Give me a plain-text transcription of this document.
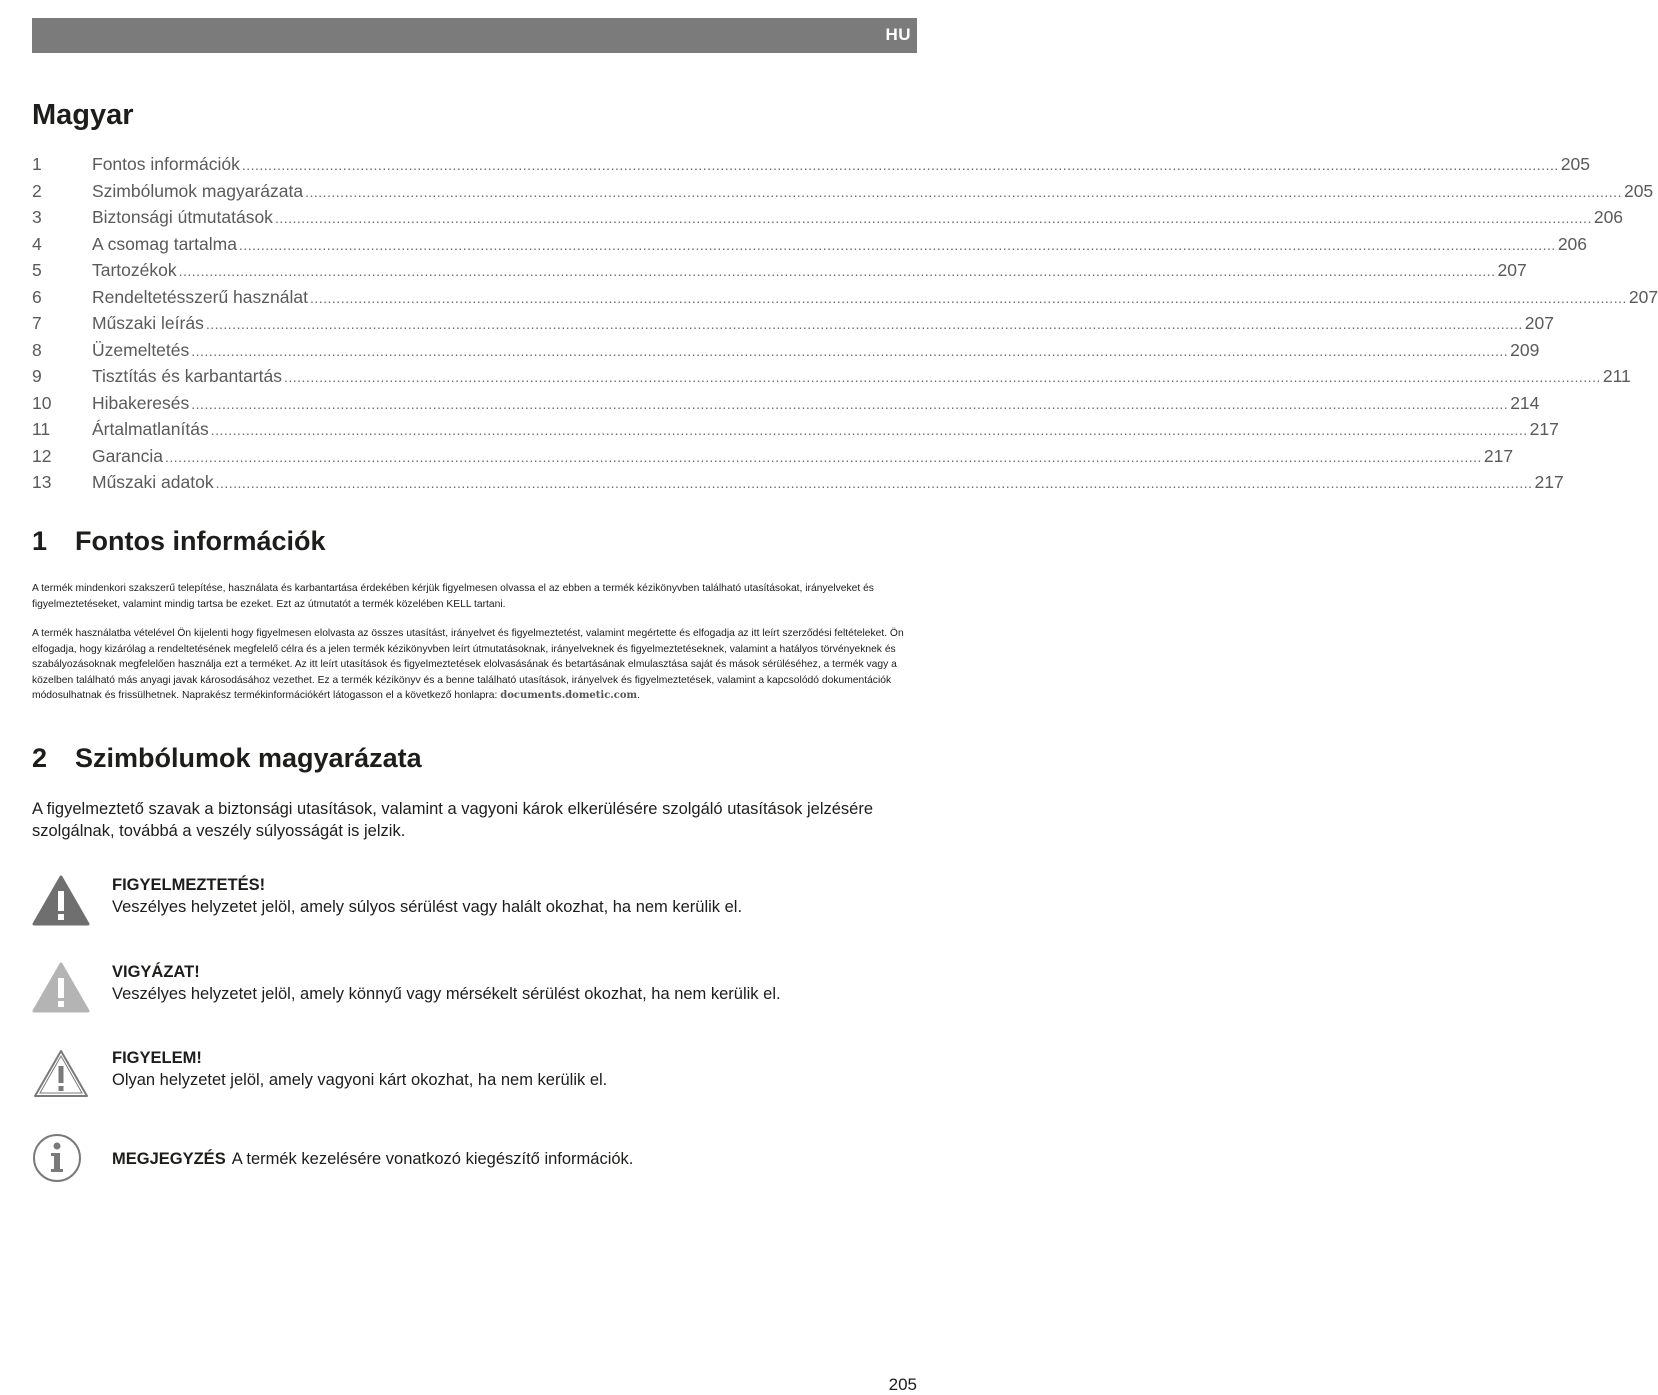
HU
Magyar
1	Fontos információk ............................................................................................................................................................................................................................................................................................................ 205
2	Szimbólumok magyarázata ............................................................................................................................................................................................................................................................................................................ 205
3	Biztonsági útmutatások ............................................................................................................................................................................................................................................................................................................ 206
4	A csomag tartalma ............................................................................................................................................................................................................................................................................................................ 206
5	Tartozékok ............................................................................................................................................................................................................................................................................................................ 207
6	Rendeltetésszerű használat ............................................................................................................................................................................................................................................................................................................ 207
7	Műszaki leírás ............................................................................................................................................................................................................................................................................................................ 207
8	Üzemeltetés ............................................................................................................................................................................................................................................................................................................ 209
9	Tisztítás és karbantartás ............................................................................................................................................................................................................................................................................................................ 211
10	Hibakeresés ............................................................................................................................................................................................................................................................................................................ 214
11	Ártalmatlanítás ............................................................................................................................................................................................................................................................................................................ 217
12	Garancia ............................................................................................................................................................................................................................................................................................................ 217
13	Műszaki adatok ............................................................................................................................................................................................................................................................................................................ 217
1	Fontos információk

A termék mindenkori szakszerű telepítése, használata és karbantartása érdekében kérjük figyelmesen olvassa el az ebben a termék kézikönyvben található utasításokat, irányelveket és figyelmeztetéseket, valamint mindig tartsa be ezeket. Ezt az útmutatót a termék közelében KELL tartani.

A termék használatba vételével Ön kijelenti hogy figyelmesen elolvasta az összes utasítást, irányelvet és figyelmeztetést, valamint megértette és elfogadja az itt leírt szerződési feltételeket. Ön elfogadja, hogy kizárólag a rendeltetésének megfelelő célra és a jelen termék kézikönyvben leírt útmutatásoknak, irányelveknek és figyelmeztetéseknek, valamint a hatályos törvényeknek és szabályozásoknak megfelelően használja ezt a terméket. Az itt leírt utasítások és figyelmeztetések elolvasásának és betartásának elmulasztása saját és mások sérüléséhez, a termék vagy a közelben található más anyagi javak károsodásához vezethet. Ez a termék kézikönyv és a benne található utasítások, irányelvek és figyelmeztetések, valamint a kapcsolódó dokumentációk módosulhatnak és frissülhetnek. Naprakész termékinformációkért látogasson el a következő honlapra: documents.dometic.com.

2	Szimbólumok magyarázata

A figyelmeztető szavak a biztonsági utasítások, valamint a vagyoni károk elkerülésére szolgáló utasítások jelzésére szolgálnak, továbbá a veszély súlyosságát is jelzik.

FIGYELMEZTETÉS!
Veszélyes helyzetet jelöl, amely súlyos sérülést vagy halált okozhat, ha nem kerülik el.
VIGYÁZAT!
Veszélyes helyzetet jelöl, amely könnyű vagy mérsékelt sérülést okozhat, ha nem kerülik el.
FIGYELEM!
Olyan helyzetet jelöl, amely vagyoni kárt okozhat, ha nem kerülik el.
MEGJEGYZÉS A termék kezelésére vonatkozó kiegészítő információk.
205
